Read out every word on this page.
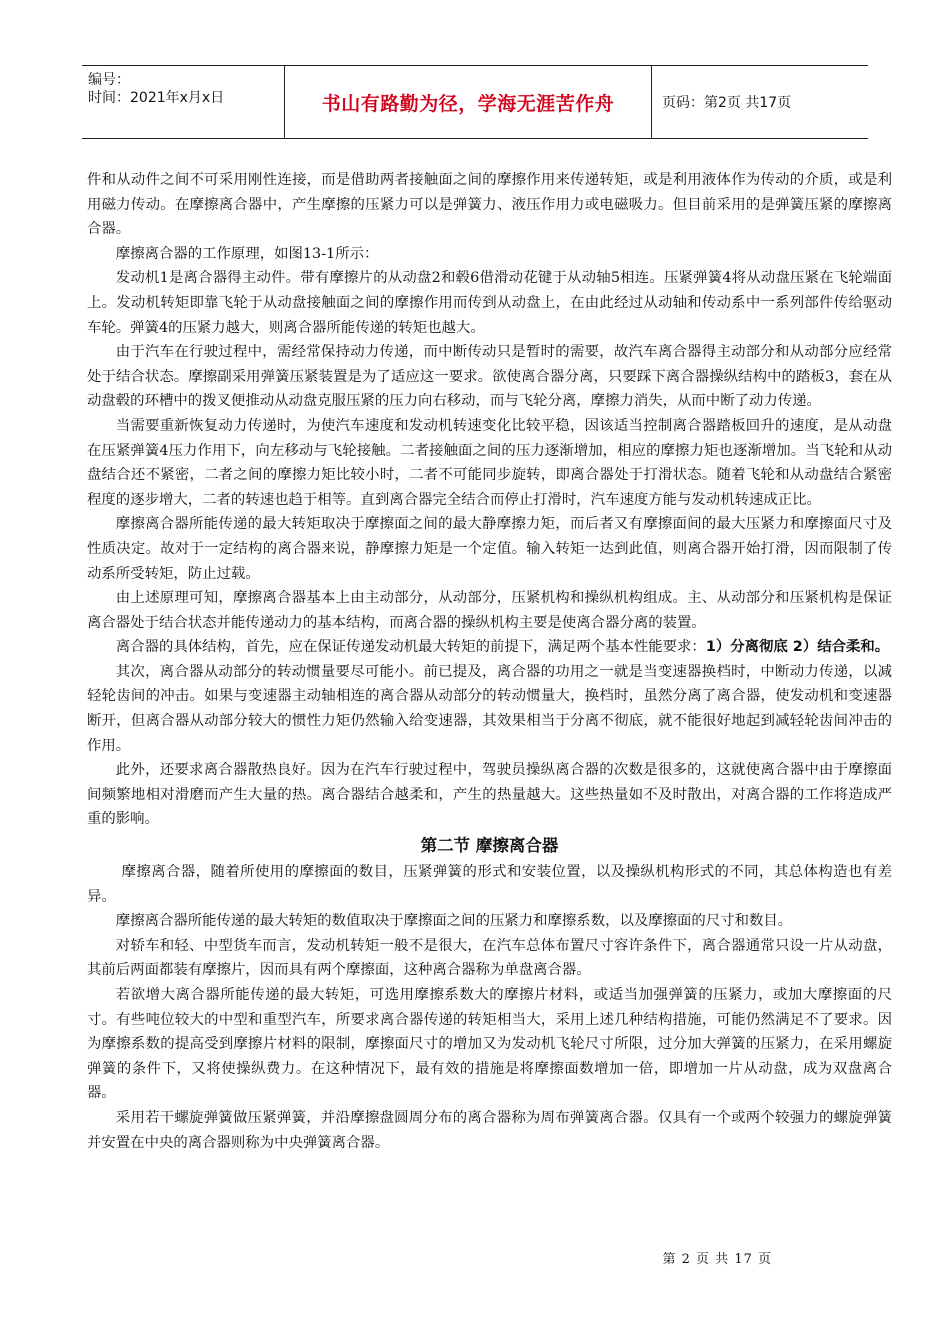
编号：
时间：2021年x月x日	书山有路勤为径，学海无涯苦作舟	页码：第2页 共17页

件和从动件之间不可采用刚性连接，而是借助两者接触面之间的摩擦作用来传递转矩，或是利用液体作为传动的介质，或是利用磁力传动。在摩擦离合器中，产生摩擦的压紧力可以是弹簧力、液压作用力或电磁吸力。但目前采用的是弹簧压紧的摩擦离合器。

摩擦离合器的工作原理，如图13-1所示：

发动机1是离合器得主动件。带有摩擦片的从动盘2和毂6借滑动花键于从动轴5相连。压紧弹簧4将从动盘压紧在飞轮端面上。发动机转矩即靠飞轮于从动盘接触面之间的摩擦作用而传到从动盘上，在由此经过从动轴和传动系中一系列部件传给驱动车轮。弹簧4的压紧力越大，则离合器所能传递的转矩也越大。

由于汽车在行驶过程中，需经常保持动力传递，而中断传动只是暂时的需要，故汽车离合器得主动部分和从动部分应经常处于结合状态。摩擦副采用弹簧压紧装置是为了适应这一要求。欲使离合器分离，只要踩下离合器操纵结构中的踏板3，套在从动盘毂的环槽中的拨叉便推动从动盘克服压紧的压力向右移动，而与飞轮分离，摩擦力消失，从而中断了动力传递。

当需要重新恢复动力传递时，为使汽车速度和发动机转速变化比较平稳，因该适当控制离合器踏板回升的速度，是从动盘在压紧弹簧4压力作用下，向左移动与飞轮接触。二者接触面之间的压力逐渐增加，相应的摩擦力矩也逐渐增加。当飞轮和从动盘结合还不紧密，二者之间的摩擦力矩比较小时，二者不可能同步旋转，即离合器处于打滑状态。随着飞轮和从动盘结合紧密程度的逐步增大，二者的转速也趋于相等。直到离合器完全结合而停止打滑时，汽车速度方能与发动机转速成正比。

摩擦离合器所能传递的最大转矩取决于摩擦面之间的最大静摩擦力矩，而后者又有摩擦面间的最大压紧力和摩擦面尺寸及性质决定。故对于一定结构的离合器来说，静摩擦力矩是一个定值。输入转矩一达到此值，则离合器开始打滑，因而限制了传动系所受转矩，防止过载。

由上述原理可知，摩擦离合器基本上由主动部分，从动部分，压紧机构和操纵机构组成。主、从动部分和压紧机构是保证离合器处于结合状态并能传递动力的基本结构，而离合器的操纵机构主要是使离合器分离的装置。

离合器的具体结构，首先，应在保证传递发动机最大转矩的前提下，满足两个基本性能要求：1）分离彻底 2）结合柔和。

其次，离合器从动部分的转动惯量要尽可能小。前已提及，离合器的功用之一就是当变速器换档时，中断动力传递，以减轻轮齿间的冲击。如果与变速器主动轴相连的离合器从动部分的转动惯量大，换档时，虽然分离了离合器，使发动机和变速器断开，但离合器从动部分较大的惯性力矩仍然输入给变速器，其效果相当于分离不彻底，就不能很好地起到减轻轮齿间冲击的作用。

此外，还要求离合器散热良好。因为在汽车行驶过程中，驾驶员操纵离合器的次数是很多的，这就使离合器中由于摩擦面间频繁地相对滑磨而产生大量的热。离合器结合越柔和，产生的热量越大。这些热量如不及时散出，对离合器的工作将造成严重的影响。

第二节 摩擦离合器

摩擦离合器，随着所使用的摩擦面的数目，压紧弹簧的形式和安装位置，以及操纵机构形式的不同，其总体构造也有差异。

摩擦离合器所能传递的最大转矩的数值取决于摩擦面之间的压紧力和摩擦系数，以及摩擦面的尺寸和数目。

对轿车和轻、中型货车而言，发动机转矩一般不是很大，在汽车总体布置尺寸容许条件下，离合器通常只设一片从动盘，其前后两面都装有摩擦片，因而具有两个摩擦面，这种离合器称为单盘离合器。

若欲增大离合器所能传递的最大转矩，可选用摩擦系数大的摩擦片材料，或适当加强弹簧的压紧力，或加大摩擦面的尺寸。有些吨位较大的中型和重型汽车，所要求离合器传递的转矩相当大，采用上述几种结构措施，可能仍然满足不了要求。因为摩擦系数的提高受到摩擦片材料的限制，摩擦面尺寸的增加又为发动机飞轮尺寸所限，过分加大弹簧的压紧力，在采用螺旋弹簧的条件下，又将使操纵费力。在这种情况下，最有效的措施是将摩擦面数增加一倍，即增加一片从动盘，成为双盘离合器。

采用若干螺旋弹簧做压紧弹簧，并沿摩擦盘圆周分布的离合器称为周布弹簧离合器。仅具有一个或两个较强力的螺旋弹簧并安置在中央的离合器则称为中央弹簧离合器。

第 2 页 共 17 页
